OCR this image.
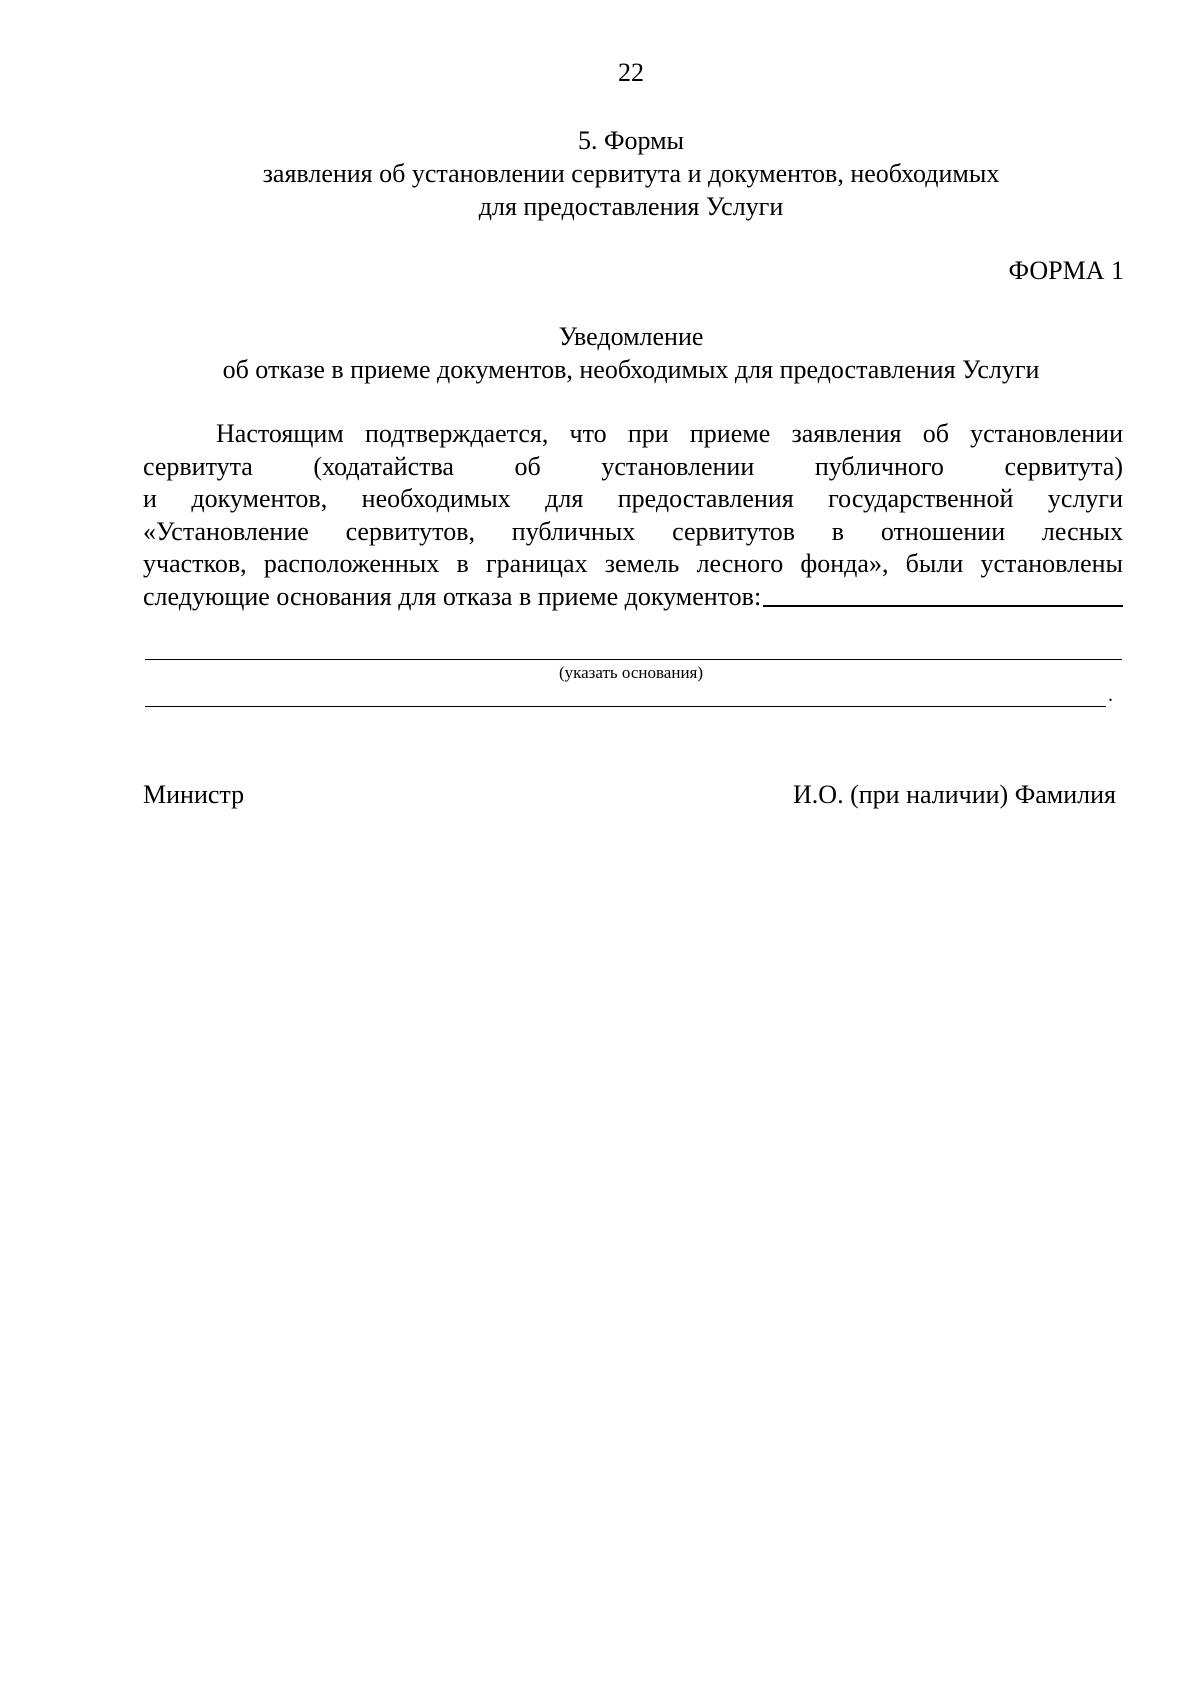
22
5. Формы
заявления об установлении сервитута и документов, необходимых
для предоставления Услуги
ФОРМА 1
Уведомление
об отказе в приеме документов, необходимых для предоставления Услуги
Настоящим подтверждается, что при приеме заявления об установлении
сервитута (ходатайства об установлении публичного сервитута)
и документов, необходимых для предоставления государственной услуги
«Установление сервитутов, публичных сервитутов в отношении лесных
участков, расположенных в границах земель лесного фонда», были установлены
следующие основания для отказа в приеме документов:
(указать основания)
.
Министр	И.О. (при наличии) Фамилия
